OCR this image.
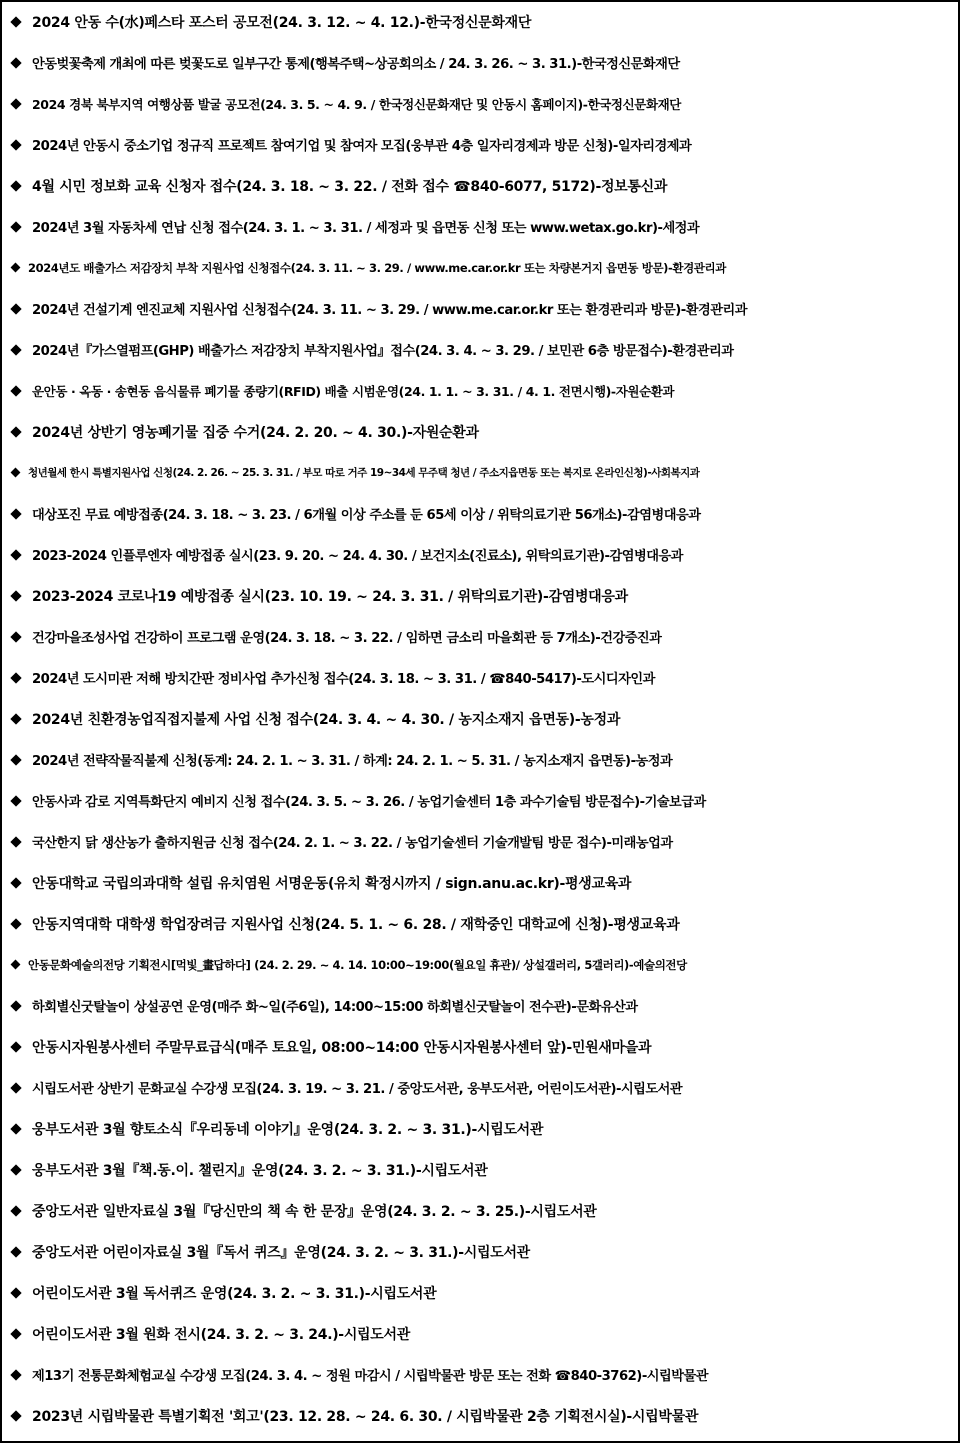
2024 안동 수(水)페스타 포스터 공모전(24. 3. 12. ~ 4. 12.)-한국정신문화재단
안동벚꽃축제 개최에 따른 벚꽃도로 일부구간 통제(행복주택~상공회의소 / 24. 3. 26. ~ 3. 31.)-한국정신문화재단
2024 경북 북부지역 여행상품 발굴 공모전(24. 3. 5. ~ 4. 9. / 한국정신문화재단 및 안동시 홈페이지)-한국정신문화재단
2024년 안동시 중소기업 정규직 프로젝트 참여기업 및 참여자 모집(웅부관 4층 일자리경제과 방문 신청)-일자리경제과
4월 시민 정보화 교육 신청자 접수(24. 3. 18. ~ 3. 22. / 전화 접수 ☎840-6077, 5172)-정보통신과
2024년 3월 자동차세 연납 신청 접수(24. 3. 1. ~ 3. 31. / 세정과 및 읍면동 신청 또는 www.wetax.go.kr)-세정과
2024년도 배출가스 저감장치 부착 지원사업 신청접수(24. 3. 11. ~ 3. 29. / www.me.car.or.kr 또는 차량본거지 읍면동 방문)-환경관리과
2024년 건설기계 엔진교체 지원사업 신청접수(24. 3. 11. ~ 3. 29. / www.me.car.or.kr 또는 환경관리과 방문)-환경관리과
2024년『가스열펌프(GHP) 배출가스 저감장치 부착지원사업』접수(24. 3. 4. ~ 3. 29. / 보민관 6층 방문접수)-환경관리과
운안동 · 옥동 · 송현동 음식물류 폐기물 종량기(RFID) 배출 시범운영(24. 1. 1. ~ 3. 31. / 4. 1. 전면시행)-자원순환과
2024년 상반기 영농폐기물 집중 수거(24. 2. 20. ~ 4. 30.)-자원순환과
청년월세 한시 특별지원사업 신청(24. 2. 26. ~ 25. 3. 31. / 부모 따로 거주 19~34세 무주택 청년 / 주소지읍면동 또는 복지로 온라인신청)-사회복지과
대상포진 무료 예방접종(24. 3. 18. ~ 3. 23. / 6개월 이상 주소를 둔 65세 이상 / 위탁의료기관 56개소)-감염병대응과
2023-2024 인플루엔자 예방접종 실시(23. 9. 20. ~ 24. 4. 30. / 보건지소(진료소), 위탁의료기관)-감염병대응과
2023-2024 코로나19 예방접종 실시(23. 10. 19. ~ 24. 3. 31. / 위탁의료기관)-감염병대응과
건강마을조성사업 건강하이 프로그램 운영(24. 3. 18. ~ 3. 22. / 임하면 금소리 마을회관 등 7개소)-건강증진과
2024년 도시미관 저해 방치간판 정비사업 추가신청 접수(24. 3. 18. ~ 3. 31. / ☎840-5417)-도시디자인과
2024년 친환경농업직접지불제 사업 신청 접수(24. 3. 4. ~ 4. 30. / 농지소재지 읍면동)-농정과
2024년 전략작물직불제 신청(동계: 24. 2. 1. ~ 3. 31. / 하계: 24. 2. 1. ~ 5. 31. / 농지소재지 읍면동)-농정과
안동사과 감로 지역특화단지 예비지 신청 접수(24. 3. 5. ~ 3. 26. / 농업기술센터 1층 과수기술팀 방문접수)-기술보급과
국산한지 닭 생산농가 출하지원금 신청 접수(24. 2. 1. ~ 3. 22. / 농업기술센터 기술개발팀 방문 접수)-미래농업과
안동대학교 국립의과대학 설립 유치염원 서명운동(유치 확정시까지 / sign.anu.ac.kr)-평생교육과
안동지역대학 대학생 학업장려금 지원사업 신청(24. 5. 1. ~ 6. 28. / 재학중인 대학교에 신청)-평생교육과
안동문화예술의전당 기획전시[먹빛_畫답하다] (24. 2. 29. ~ 4. 14. 10:00~19:00(월요일 휴관)/ 상설갤러리, 5갤러리)-예술의전당
하회별신굿탈놀이 상설공연 운영(매주 화~일(주6일), 14:00~15:00 하회별신굿탈놀이 전수관)-문화유산과
안동시자원봉사센터 주말무료급식(매주 토요일, 08:00~14:00 안동시자원봉사센터 앞)-민원새마을과
시립도서관 상반기 문화교실 수강생 모집(24. 3. 19. ~ 3. 21. / 중앙도서관, 웅부도서관, 어린이도서관)-시립도서관
웅부도서관 3월 향토소식『우리동네 이야기』운영(24. 3. 2. ~ 3. 31.)-시립도서관
웅부도서관 3월『책.동.이. 챌린지』운영(24. 3. 2. ~ 3. 31.)-시립도서관
중앙도서관 일반자료실 3월『당신만의 책 속 한 문장』운영(24. 3. 2. ~ 3. 25.)-시립도서관
중앙도서관 어린이자료실 3월『독서 퀴즈』운영(24. 3. 2. ~ 3. 31.)-시립도서관
어린이도서관 3월 독서퀴즈 운영(24. 3. 2. ~ 3. 31.)-시립도서관
어린이도서관 3월 원화 전시(24. 3. 2. ~ 3. 24.)-시립도서관
제13기 전통문화체험교실 수강생 모집(24. 3. 4. ~ 정원 마감시 / 시립박물관 방문 또는 전화 ☎840-3762)-시립박물관
2023년 시립박물관 특별기획전 '회고'(23. 12. 28. ~ 24. 6. 30. / 시립박물관 2층 기획전시실)-시립박물관
